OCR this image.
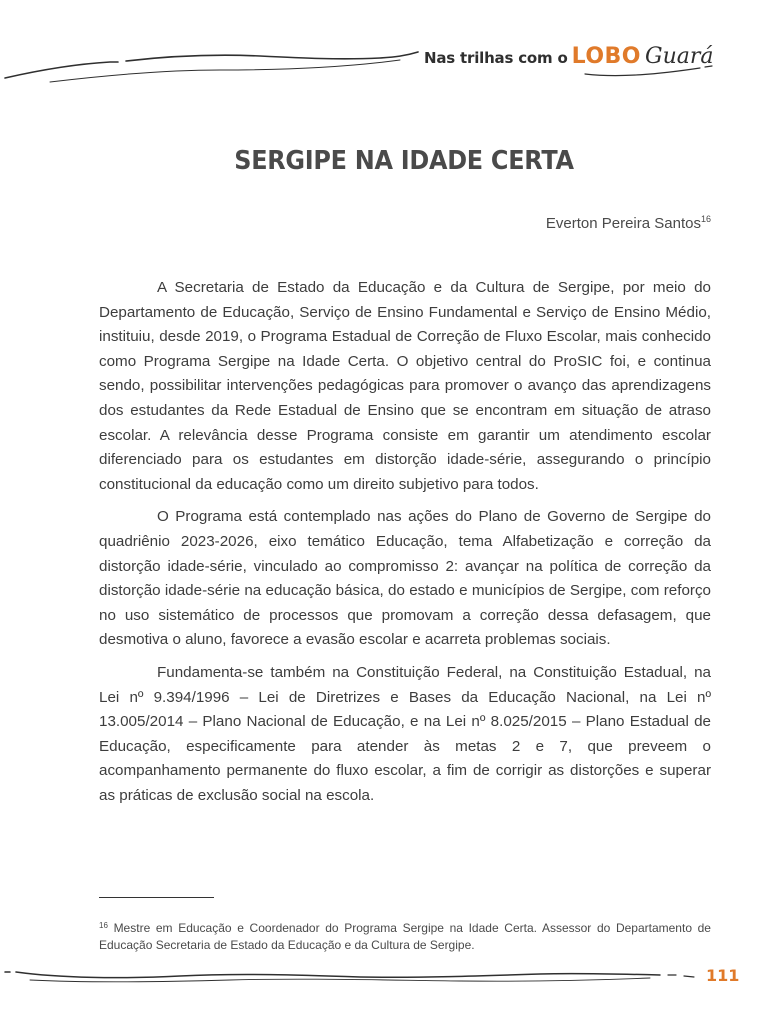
Nas trilhas com o LOBO Guará
SERGIPE NA IDADE CERTA
Everton Pereira Santos$^{16}$

A Secretaria de Estado da Educação e da Cultura de Sergipe, por meio do Departamento de Educação, Serviço de Ensino Fundamental e Serviço de Ensino Médio, instituiu, desde 2019, o Programa Estadual de Correção de Fluxo Escolar, mais conhecido como Programa Sergipe na Idade Certa. O objetivo central do ProSIC foi, e continua sendo, possibilitar intervenções pedagógicas para promover o avanço das aprendizagens dos estudantes da Rede Estadual de Ensino que se encontram em situação de atraso escolar. A relevância desse Programa consiste em garantir um atendimento escolar diferenciado para os estudantes em distorção idade-série, assegurando o princípio constitucional da educação como um direito subjetivo para todos.

O Programa está contemplado nas ações do Plano de Governo de Sergipe do quadriênio 2023-2026, eixo temático Educação, tema Alfabetização e correção da distorção idade-série, vinculado ao compromisso 2: avançar na política de correção da distorção idade-série na educação básica, do estado e municípios de Sergipe, com reforço no uso sistemático de processos que promovam a correção dessa defasagem, que desmotiva o aluno, favorece a evasão escolar e acarreta problemas sociais.

Fundamenta-se também na Constituição Federal, na Constituição Estadual, na Lei nº 9.394/1996 – Lei de Diretrizes e Bases da Educação Nacional, na Lei nº 13.005/2014 – Plano Nacional de Educação, e na Lei nº 8.025/2015 – Plano Estadual de Educação, especificamente para atender às metas 2 e 7, que preveem o acompanhamento permanente do fluxo escolar, a fim de corrigir as distorções e superar as práticas de exclusão social na escola.

$^{16}$ Mestre em Educação e Coordenador do Programa Sergipe na Idade Certa. Assessor do Departamento de Educação Secretaria de Estado da Educação e da Cultura de Sergipe.
111
